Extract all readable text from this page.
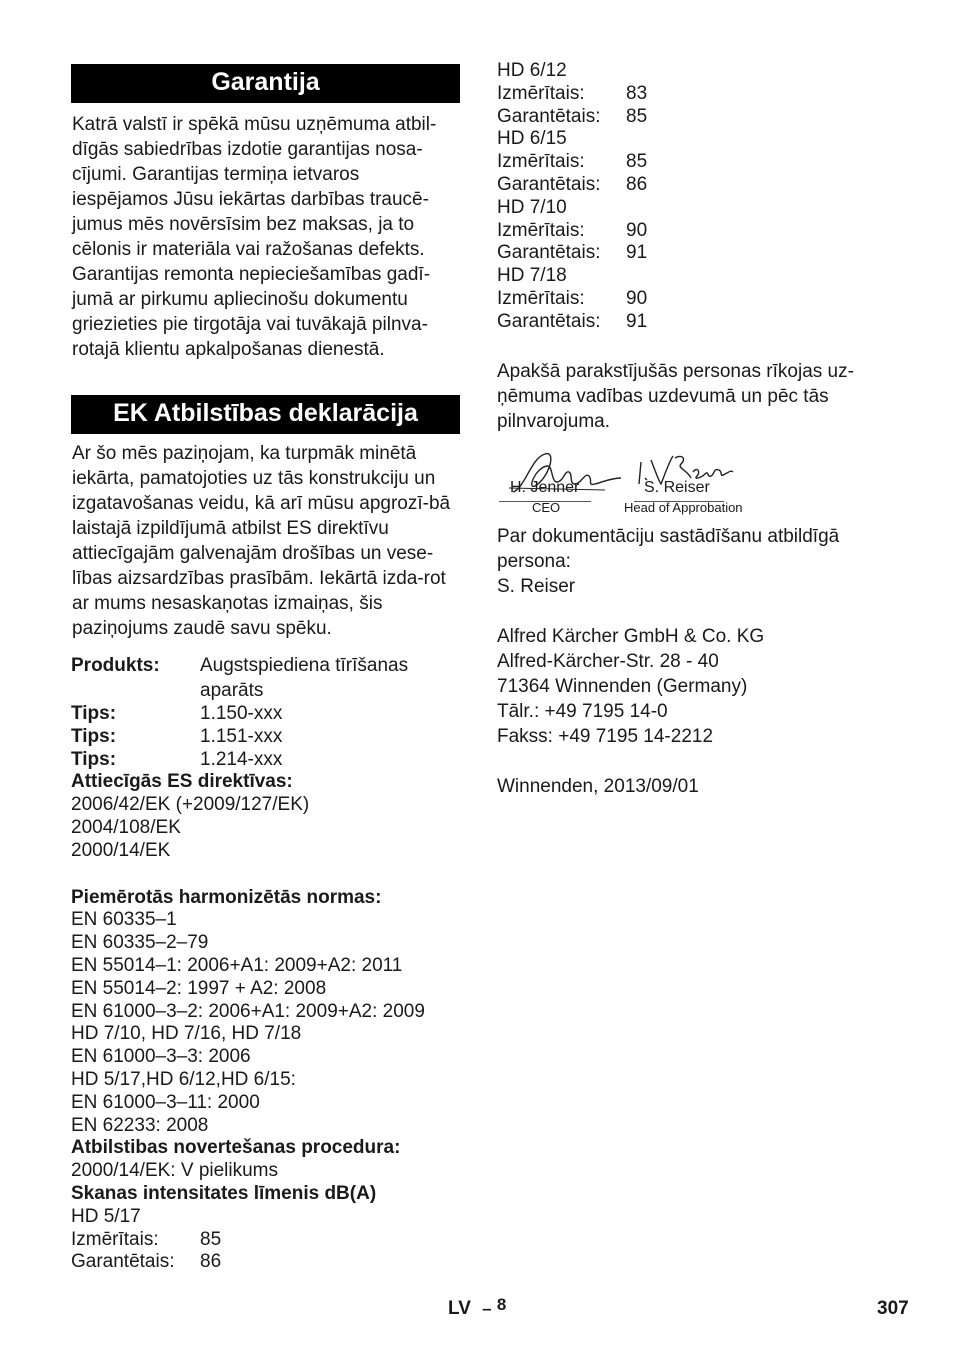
Garantija

Katrā valstī ir spēkā mūsu uzņēmuma atbil-dīgās sabiedrības izdotie garantijas nosa-cījumi. Garantijas termiņa ietvaros iespējamos Jūsu iekārtas darbības traucē-jumus mēs novērsīsim bez maksas, ja to cēlonis ir materiāla vai ražošanas defekts. Garantijas remonta nepieciešamības gadī-jumā ar pirkumu apliecinošu dokumentu griezieties pie tirgotāja vai tuvākajā pilnva-rotajā klientu apkalpošanas dienestā.

EK Atbilstības deklarācija

Ar šo mēs paziņojam, ka turpmāk minētā iekārta, pamatojoties uz tās konstrukciju un izgatavošanas veidu, kā arī mūsu apgrozī-bā laistajā izpildījumā atbilst ES direktīvu attiecīgajām galvenajām drošības un vese-lības aizsardzības prasībām. Iekārtā izda-rot ar mums nesaskaņotas izmaiņas, šis paziņojums zaudē savu spēku.

Produkts:	Augstspiediena tīrīšanas aparāts
Tips:	1.150-xxx
Tips:	1.151-xxx
Tips:	1.214-xxx
Attiecīgās ES direktīvas:
2006/42/EK (+2009/127/EK)
2004/108/EK
2000/14/EK
Piemērotās harmonizētās normas:
EN 60335–1
EN 60335–2–79
EN 55014–1: 2006+A1: 2009+A2: 2011
EN 55014–2: 1997 + A2: 2008
EN 61000–3–2: 2006+A1: 2009+A2: 2009
HD 7/10, HD 7/16, HD 7/18
EN 61000–3–3: 2006
HD 5/17,HD 6/12,HD 6/15:
EN 61000–3–11: 2000
EN 62233: 2008
Atbilstibas novertešanas procedura:
2000/14/EK: V pielikums
Skanas intensitates līmenis dB(A)
HD 5/17
Izmērītais:	85
Garantētais:	86
HD 6/12
Izmērītais:	83
Garantētais:	85
HD 6/15
Izmērītais:	85
Garantētais:	86
HD 7/10
Izmērītais:	90
Garantētais:	91
HD 7/18
Izmērītais:	90
Garantētais:	91

Apakšā parakstījušās personas rīkojas uz-ņēmuma vadības uzdevumā un pēc tās pilnvarojuma.

H. Jenner
CEO
S. Reiser
Head of Approbation

Par dokumentāciju sastādīšanu atbildīgā persona:

S. Reiser
Alfred Kärcher GmbH & Co. KG
Alfred-Kärcher-Str. 28 - 40
71364 Winnenden (Germany)
Tālr.: +49 7195 14-0
Fakss: +49 7195 14-2212
Winnenden, 2013/09/01
LV – 8	307
